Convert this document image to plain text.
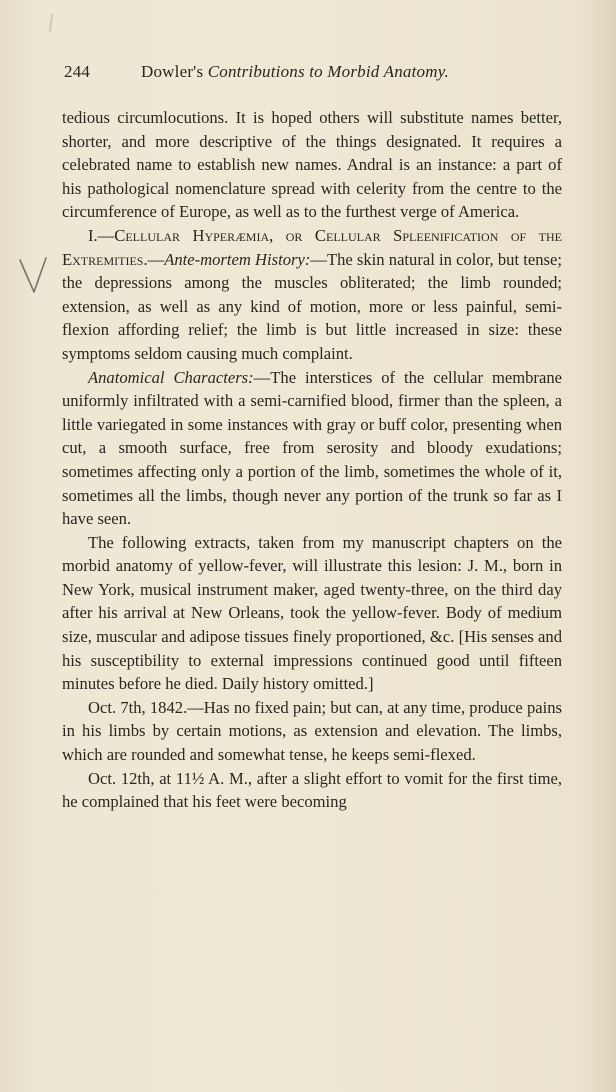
244	Dowler's Contributions to Morbid Anatomy.

tedious circumlocutions. It is hoped others will substitute names better, shorter, and more descriptive of the things designated. It requires a celebrated name to establish new names. Andral is an instance: a part of his pathological nomenclature spread with celerity from the centre to the circumference of Europe, as well as to the furthest verge of America.

I.—Cellular Hyperæmia, or Cellular Spleenification of the Extremities.—Ante-mortem History:—The skin natural in color, but tense; the depressions among the muscles obliterated; the limb rounded; extension, as well as any kind of motion, more or less painful, semi-flexion affording relief; the limb is but little increased in size: these symptoms seldom causing much complaint.

Anatomical Characters:—The interstices of the cellular membrane uniformly infiltrated with a semi-carnified blood, firmer than the spleen, a little variegated in some instances with gray or buff color, presenting when cut, a smooth surface, free from serosity and bloody exudations; sometimes affecting only a portion of the limb, sometimes the whole of it, sometimes all the limbs, though never any portion of the trunk so far as I have seen.

The following extracts, taken from my manuscript chapters on the morbid anatomy of yellow-fever, will illustrate this lesion: J. M., born in New York, musical instrument maker, aged twenty-three, on the third day after his arrival at New Orleans, took the yellow-fever. Body of medium size, muscular and adipose tissues finely proportioned, &c. [His senses and his susceptibility to external impressions continued good until fifteen minutes before he died. Daily history omitted.]

Oct. 7th, 1842.—Has no fixed pain; but can, at any time, produce pains in his limbs by certain motions, as extension and elevation. The limbs, which are rounded and somewhat tense, he keeps semi-flexed.

Oct. 12th, at 11½ A. M., after a slight effort to vomit for the first time, he complained that his feet were becoming
